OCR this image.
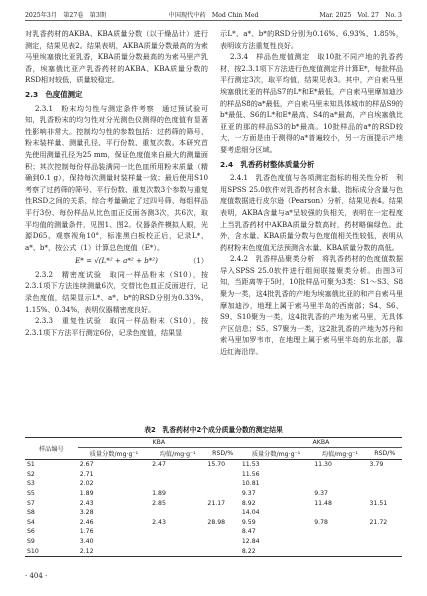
2025年3月　第27卷　第3期	中国现代中药　Mod Chin Med	Mar. 2025　Vol. 27　No. 3

对乳香药材的AKBA、KBA质量分数（以干燥品计）进行测定，结果见表2。结果表明，AKBA质量分数最高的为索马里埃塞俄比亚乳香，KBA质量分数最高的为索马里产乳香，埃塞俄比亚产乳香药材的AKBA、KBA质量分数的RSD相对较低，质量较稳定。

2.3　色度值测定

2.3.1　粉末均匀性与测定条件考察　通过预试验可知，乳香粉末的均匀性对分光测色仪测得的色度值有显著性影响非常大。控制均匀性的参数包括：过药筛的筛号、粉末装样量、测量孔径、平行份数、重复次数。本研究首先使用测量孔径为25 mm，保证色度值来自最大的测量面积；其次控制每份样品装满同一比色皿所用粉末质量（精确到0.1 g），保持每次测量时装样量一致；最后使用S10考察了过药筛的筛号、平行份数、重复次数3个参数与重复性RSD之间的关系，综合考量确定了过四号筛、每组样品平行3份、每份样品从比色皿正反面各测3次，共6次，取平均值的测量条件，见图1、图2。仪器条件模拟人眼，光源D65、观察视角10°，标准黑白板校正后，记录L*、a*、b*，按公式（1）计算总色度值（E*）。

E* = √(L*² + a*² + b*²)	（1）

2.3.2　精密度试验　取同一样品粉末（S10），按2.3.1项下方法连续测量6次，交替比色皿正反面进行，记录色度值，结果显示L*、a*、b*的RSD分别为0.33%、1.15%、0.34%，表明仪器精密度良好。

2.3.3　重复性试验　取同一样品粉末（S10），按2.3.1项下方法平行测定6份，记录色度值，结果显

示L*、a*、b*的RSD分别为0.16%、6.93%、1.85%，表明该方法重复性良好。

2.3.4　样品色度值测定　取10批不同产地的乳香药材，按2.3.1项下方法进行色度值测定并计算E*，每批样品平行测定3次，取平均值，结果见表3。其中，产自索马里埃塞俄比亚的样品S7的L*和E*最低，产自索马里摩加迪沙的样品S8的a*最低，产自索马里未知具体城市的样品S9的b*最低、S6的L*和E*最高、S4的a*最高，产自埃塞俄比亚亚的那的样品S3的b*最高。10批样品的a*的RSD较大，一方面是由于测得的a*普遍较小，另一方面提示产地要考虑细分区域。

2.4　乳香药材整体质量分析

2.4.1　乳香色度值与各项测定指标的相关性分析　利用SPSS 25.0软件对乳香药材含水量、指标成分含量与色度值数据进行皮尔逊（Pearson）分析，结果见表4。结果表明，AKBA含量与a*呈较强的负相关，表明在一定程度上当乳香药材中AKBA质量分数高时，药材略偏绿色。此外，含水量、KBA质量分数与色度值相关性较低，表明从药材粉末色度值无法预测含水量、KBA质量分数的高低。

2.4.2　乳香样品聚类分析　将乳香药材的色度值数据导入SPSS 25.0软件进行组间联接聚类分析。由图3可知，当距离等于5时，10批样品可聚为3类：S1～S3、S8聚为一类，这4批乳香的产地为埃塞俄比亚的和产自索马里摩加迪沙，地理上属于索马里半岛的西南部；S4、S6、S9、S10聚为一类，这4批乳香的产地为索马里，无具体产区信息；S5、S7聚为一类，这2批乳香的产地为苏丹和索马里加罗韦市，在地理上属于索马里半岛的东北部，靠近红海沿岸。

表2　乳香药材中2个成分质量分数的测定结果
样品编号	KBA			AKBA		
	质量分数/mg·g⁻¹	均值/mg·g⁻¹	RSD/%	质量分数/mg·g⁻¹	均值/mg·g⁻¹	RSD/%
S1	2.67	2.47	15.70	11.53	11.30	3.79
S2	2.71			11.56		
S3	2.02			10.81		
S5	1.89	1.89		9.37	9.37	
S7	2.43	2.85	21.17	8.92	11.48	31.51
S8	3.28			14.04		
S4	2.46	2.43	28.98	9.59	9.78	21.72
S6	1.76			8.47		
S9	3.40			12.84		
S10	2.12			8.22		
· 404 ·
